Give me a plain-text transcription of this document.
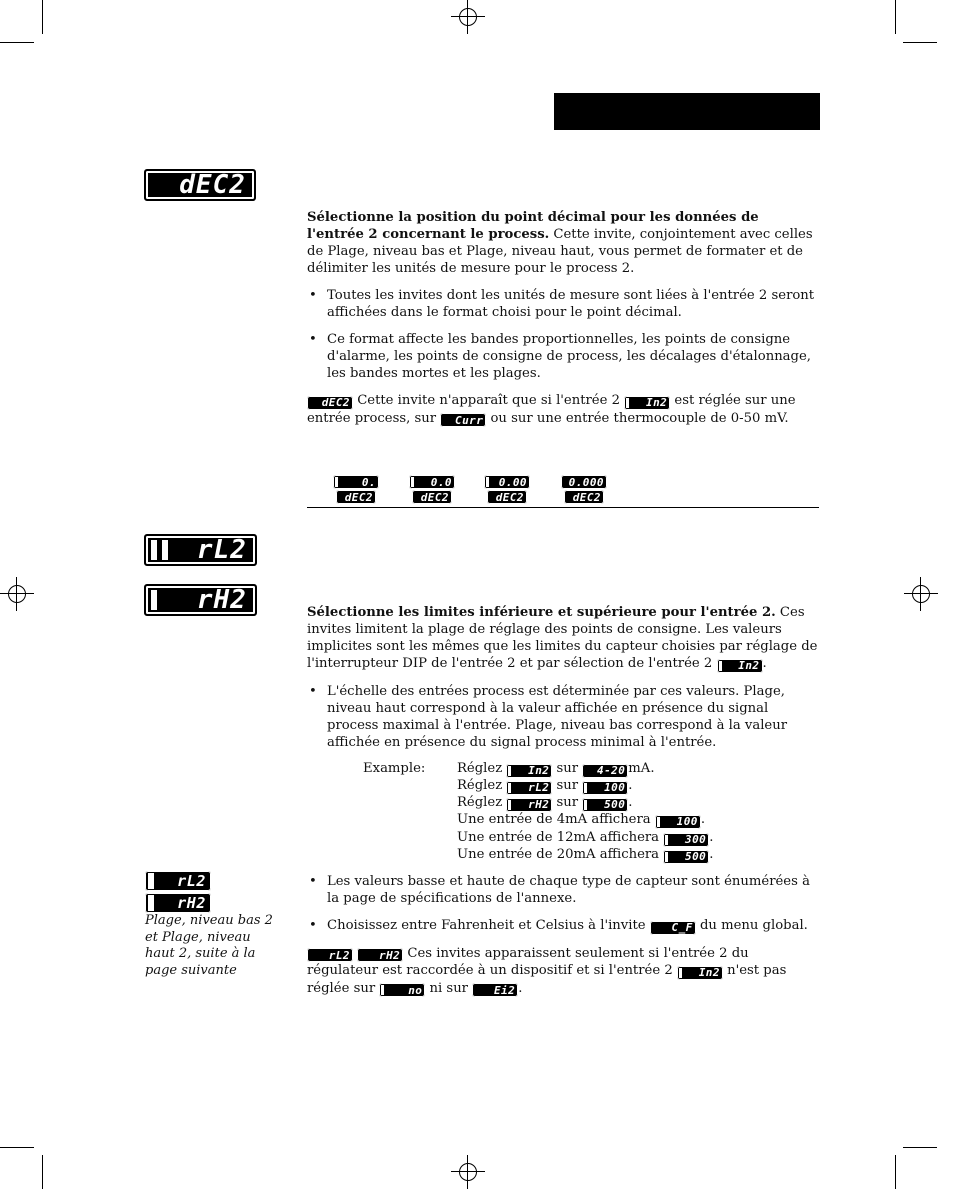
dEC2

Sélectionne la position du point décimal pour les données de l'entrée 2 concernant le process. Cette invite, conjointement avec celles de Plage, niveau bas et Plage, niveau haut, vous permet de formater et de délimiter les unités de mesure pour le process 2.

• Toutes les invites dont les unités de mesure sont liées à l'entrée 2 seront affichées dans le format choisi pour le point décimal.
• Ce format affecte les bandes proportionnelles, les points de consigne d'alarme, les points de consigne de process, les décalages d'étalonnage, les bandes mortes et les plages.

dEC2 Cette invite n'apparaît que si l'entrée 2	In2 est réglée sur une entrée process, sur	Curr ou sur une entrée thermocouple de 0-50 mV.

0.
dEC2
0.0
dEC2
0.00
dEC2
0.000
dEC2
rL2
rH2	Sélectionne les limites inférieure et supérieure pour l'entrée 2. Ces invites limitent la plage de réglage des points de consigne. Les valeurs implicites sont les mêmes que les limites du capteur choisies par réglage de l'interrupteur DIP de l'entrée 2 et par sélection de l'entrée 2	In2 .

• L'échelle des entrées process est déterminée par ces valeurs. Plage, niveau haut correspond à la valeur affichée en présence du signal process maximal à l'entrée. Plage, niveau bas correspond à la valeur affichée en présence du signal process minimal à l'entrée.
Example: Réglez	In2 sur	4-20 mA.
Réglez	rL2 sur	100 .
Réglez	rH2 sur	500 .
Une entrée de 4mA affichera	100 .
Une entrée de 12mA affichera	300 .
Une entrée de 20mA affichera	500 .
rL2
rH2
Plage, niveau bas 2 et Plage, niveau haut 2, suite à la page suivante
• Les valeurs basse et haute de chaque type de capteur sont énumérées à la page de spécifications de l'annexe.
• Choisissez entre Fahrenheit et Celsius à l'invite	C_F du menu global.

rL2
	rH2 Ces invites apparaissent seulement si l'entrée 2 du régulateur est raccordée à un dispositif et si l'entrée 2	In2 n'est pas réglée sur	no ni sur	Ei2 .
